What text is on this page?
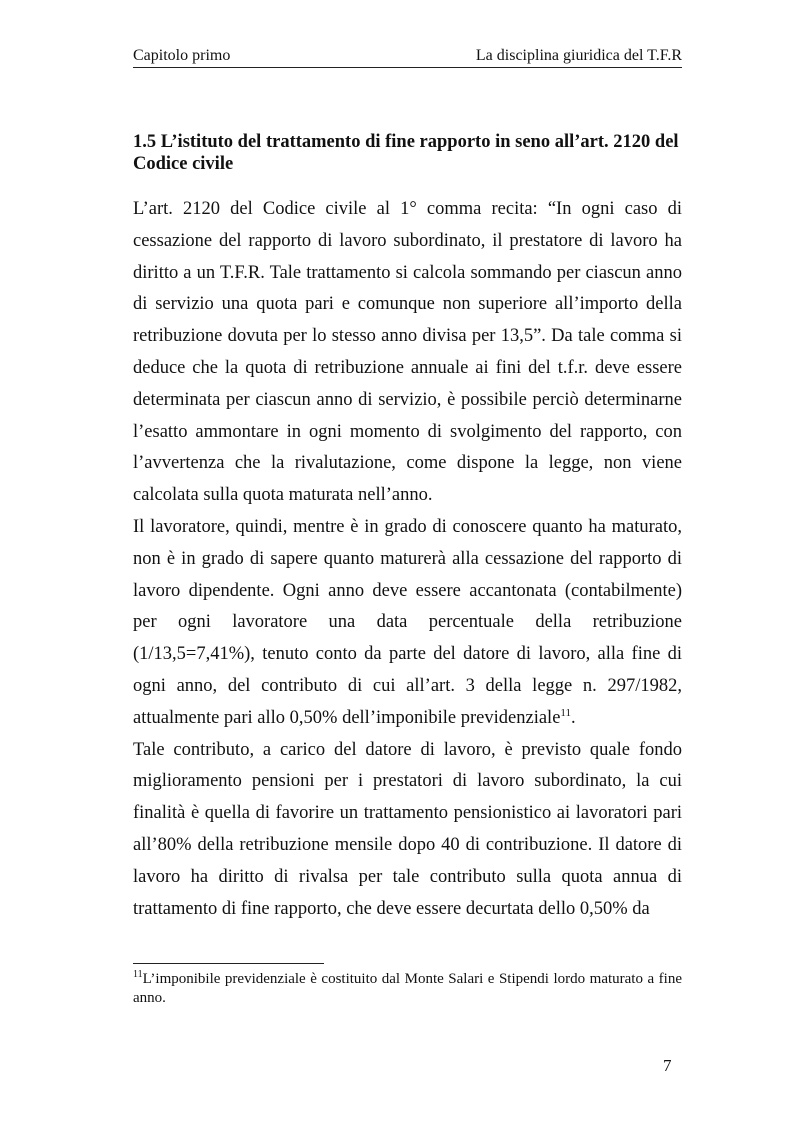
Capitolo primo	La disciplina giuridica del T.F.R
1.5 L’istituto del trattamento di fine rapporto in seno all’art. 2120 del Codice civile

L’art. 2120 del Codice civile al 1° comma recita: “In ogni caso di cessazione del rapporto di lavoro subordinato, il prestatore di lavoro ha diritto a un T.F.R. Tale trattamento si calcola sommando per ciascun anno di servizio una quota pari e comunque non superiore all’importo della retribuzione dovuta per lo stesso anno divisa per 13,5”. Da tale comma si deduce che la quota di retribuzione annuale ai fini del t.f.r. deve essere determinata per ciascun anno di servizio, è possibile perciò determinarne l’esatto ammontare in ogni momento di svolgimento del rapporto, con l’avvertenza che la rivalutazione, come dispone la legge, non viene calcolata sulla quota maturata nell’anno.

Il lavoratore, quindi, mentre è in grado di conoscere quanto ha maturato, non è in grado di sapere quanto maturerà alla cessazione del rapporto di lavoro dipendente. Ogni anno deve essere accantonata (contabilmente) per ogni lavoratore una data percentuale della retribuzione (1/13,5=7,41%), tenuto conto da parte del datore di lavoro, alla fine di ogni anno, del contributo di cui all’art. 3 della legge n. 297/1982, attualmente pari allo 0,50% dell’imponibile previdenziale$^{11}$.

Tale contributo, a carico del datore di lavoro, è previsto quale fondo miglioramento pensioni per i prestatori di lavoro subordinato, la cui finalità è quella di favorire un trattamento pensionistico ai lavoratori pari all’80% della retribuzione mensile dopo 40 di contribuzione. Il datore di lavoro ha diritto di rivalsa per tale contributo sulla quota annua di trattamento di fine rapporto, che deve essere decurtata dello 0,50% da

$^{11}$L’imponibile previdenziale è costituito dal Monte Salari e Stipendi lordo maturato a fine anno.
7
